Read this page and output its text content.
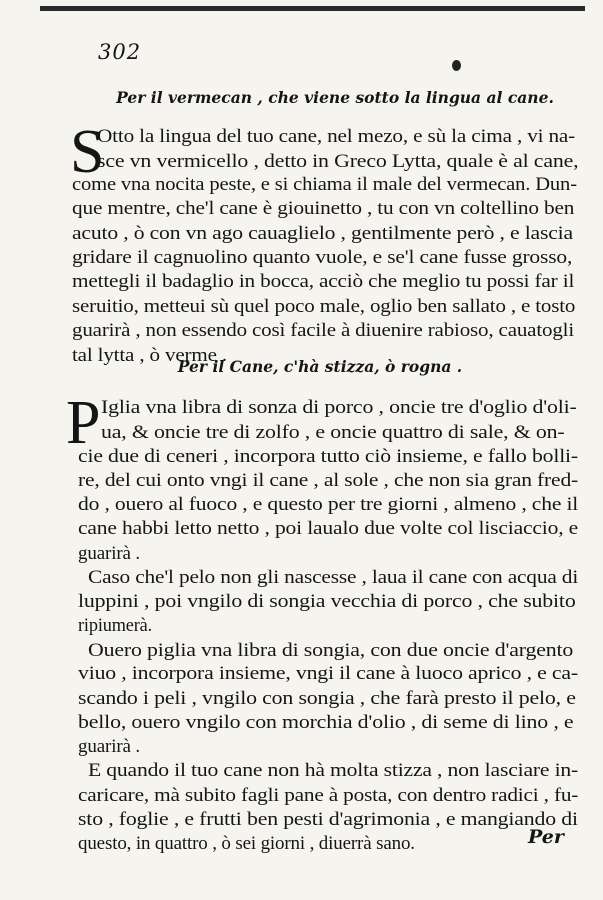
302
Per il vermecan , che viene sotto la lingua al cane.
S
Otto la lingua del tuo cane, nel mezo, e sù la cima , vi na-
sce vn vermicello , detto in Greco Lytta, quale è al cane,
come vna nocita peste, e si chiama il male del vermecan. Dun-
que mentre, che'l cane è giouinetto , tu con vn coltellino ben
acuto , ò con vn ago cauaglielo , gentilmente però , e lascia
gridare il cagnuolino quanto vuole, e se'l cane fusse grosso,
mettegli il badaglio in bocca, acciò che meglio tu possi far il
seruitio, metteui sù quel poco male, oglio ben sallato , e tosto
guarirà , non essendo così facile à diuenire rabioso, cauatogli
tal lytta , ò verme .
Per il Cane, c'hà stizza, ò rogna .
P Iglia vna libra di sonza di porco , oncie tre d'oglio d'oli-
ua, & oncie tre di zolfo , e oncie quattro di sale, & on-
cie due di ceneri , incorpora tutto ciò insieme, e fallo bolli-
re, del cui onto vngi il cane , al sole , che non sia gran fred-
do , ouero al fuoco , e questo per tre giorni , almeno , che il
cane habbi letto netto , poi laualo due volte col lisciaccio, e
guarirà .
Caso che'l pelo non gli nascesse , laua il cane con acqua di
luppini , poi vngilo di songia vecchia di porco , che subito
ripiumerà.
Ouero piglia vna libra di songia, con due oncie d'argento
viuo , incorpora insieme, vngi il cane à luoco aprico , e ca-
scando i peli , vngilo con songia , che farà presto il pelo, e
bello, ouero vngilo con morchia d'olio , di seme di lino , e
guarirà .
E quando il tuo cane non hà molta stizza , non lasciare in-
caricare, mà subito fagli pane à posta, con dentro radici , fu-
sto , foglie , e frutti ben pesti d'agrimonia , e mangiando di
questo, in quattro , ò sei giorni , diuerrà sano.	Per
